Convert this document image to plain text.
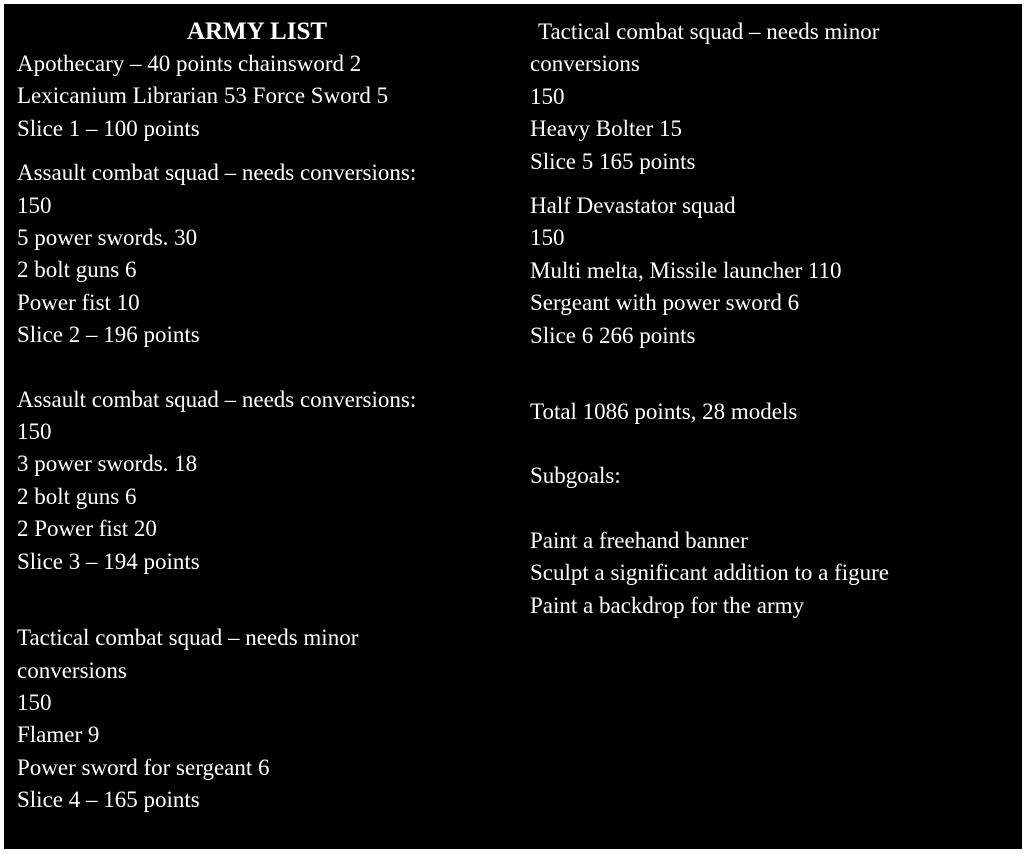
ARMY LIST
Apothecary – 40 points chainsword 2
Lexicanium Librarian 53 Force Sword 5
Slice 1 – 100 points
Assault combat squad – needs conversions:
150
5 power swords. 30
2 bolt guns 6
Power fist 10
Slice 2 – 196 points
Assault combat squad – needs conversions:
150
3 power swords. 18
2 bolt guns 6
2 Power fist 20
Slice 3 – 194 points
Tactical combat squad – needs minor
conversions
150
Flamer 9
Power sword for sergeant 6
Slice 4 – 165 points
Tactical combat squad – needs minor
conversions
150
Heavy Bolter 15
Slice 5 165 points
Half Devastator squad
150
Multi melta, Missile launcher 110
Sergeant with power sword 6
Slice 6 266 points
Total 1086 points, 28 models
Subgoals:
Paint a freehand banner
Sculpt a significant addition to a figure
Paint a backdrop for the army
